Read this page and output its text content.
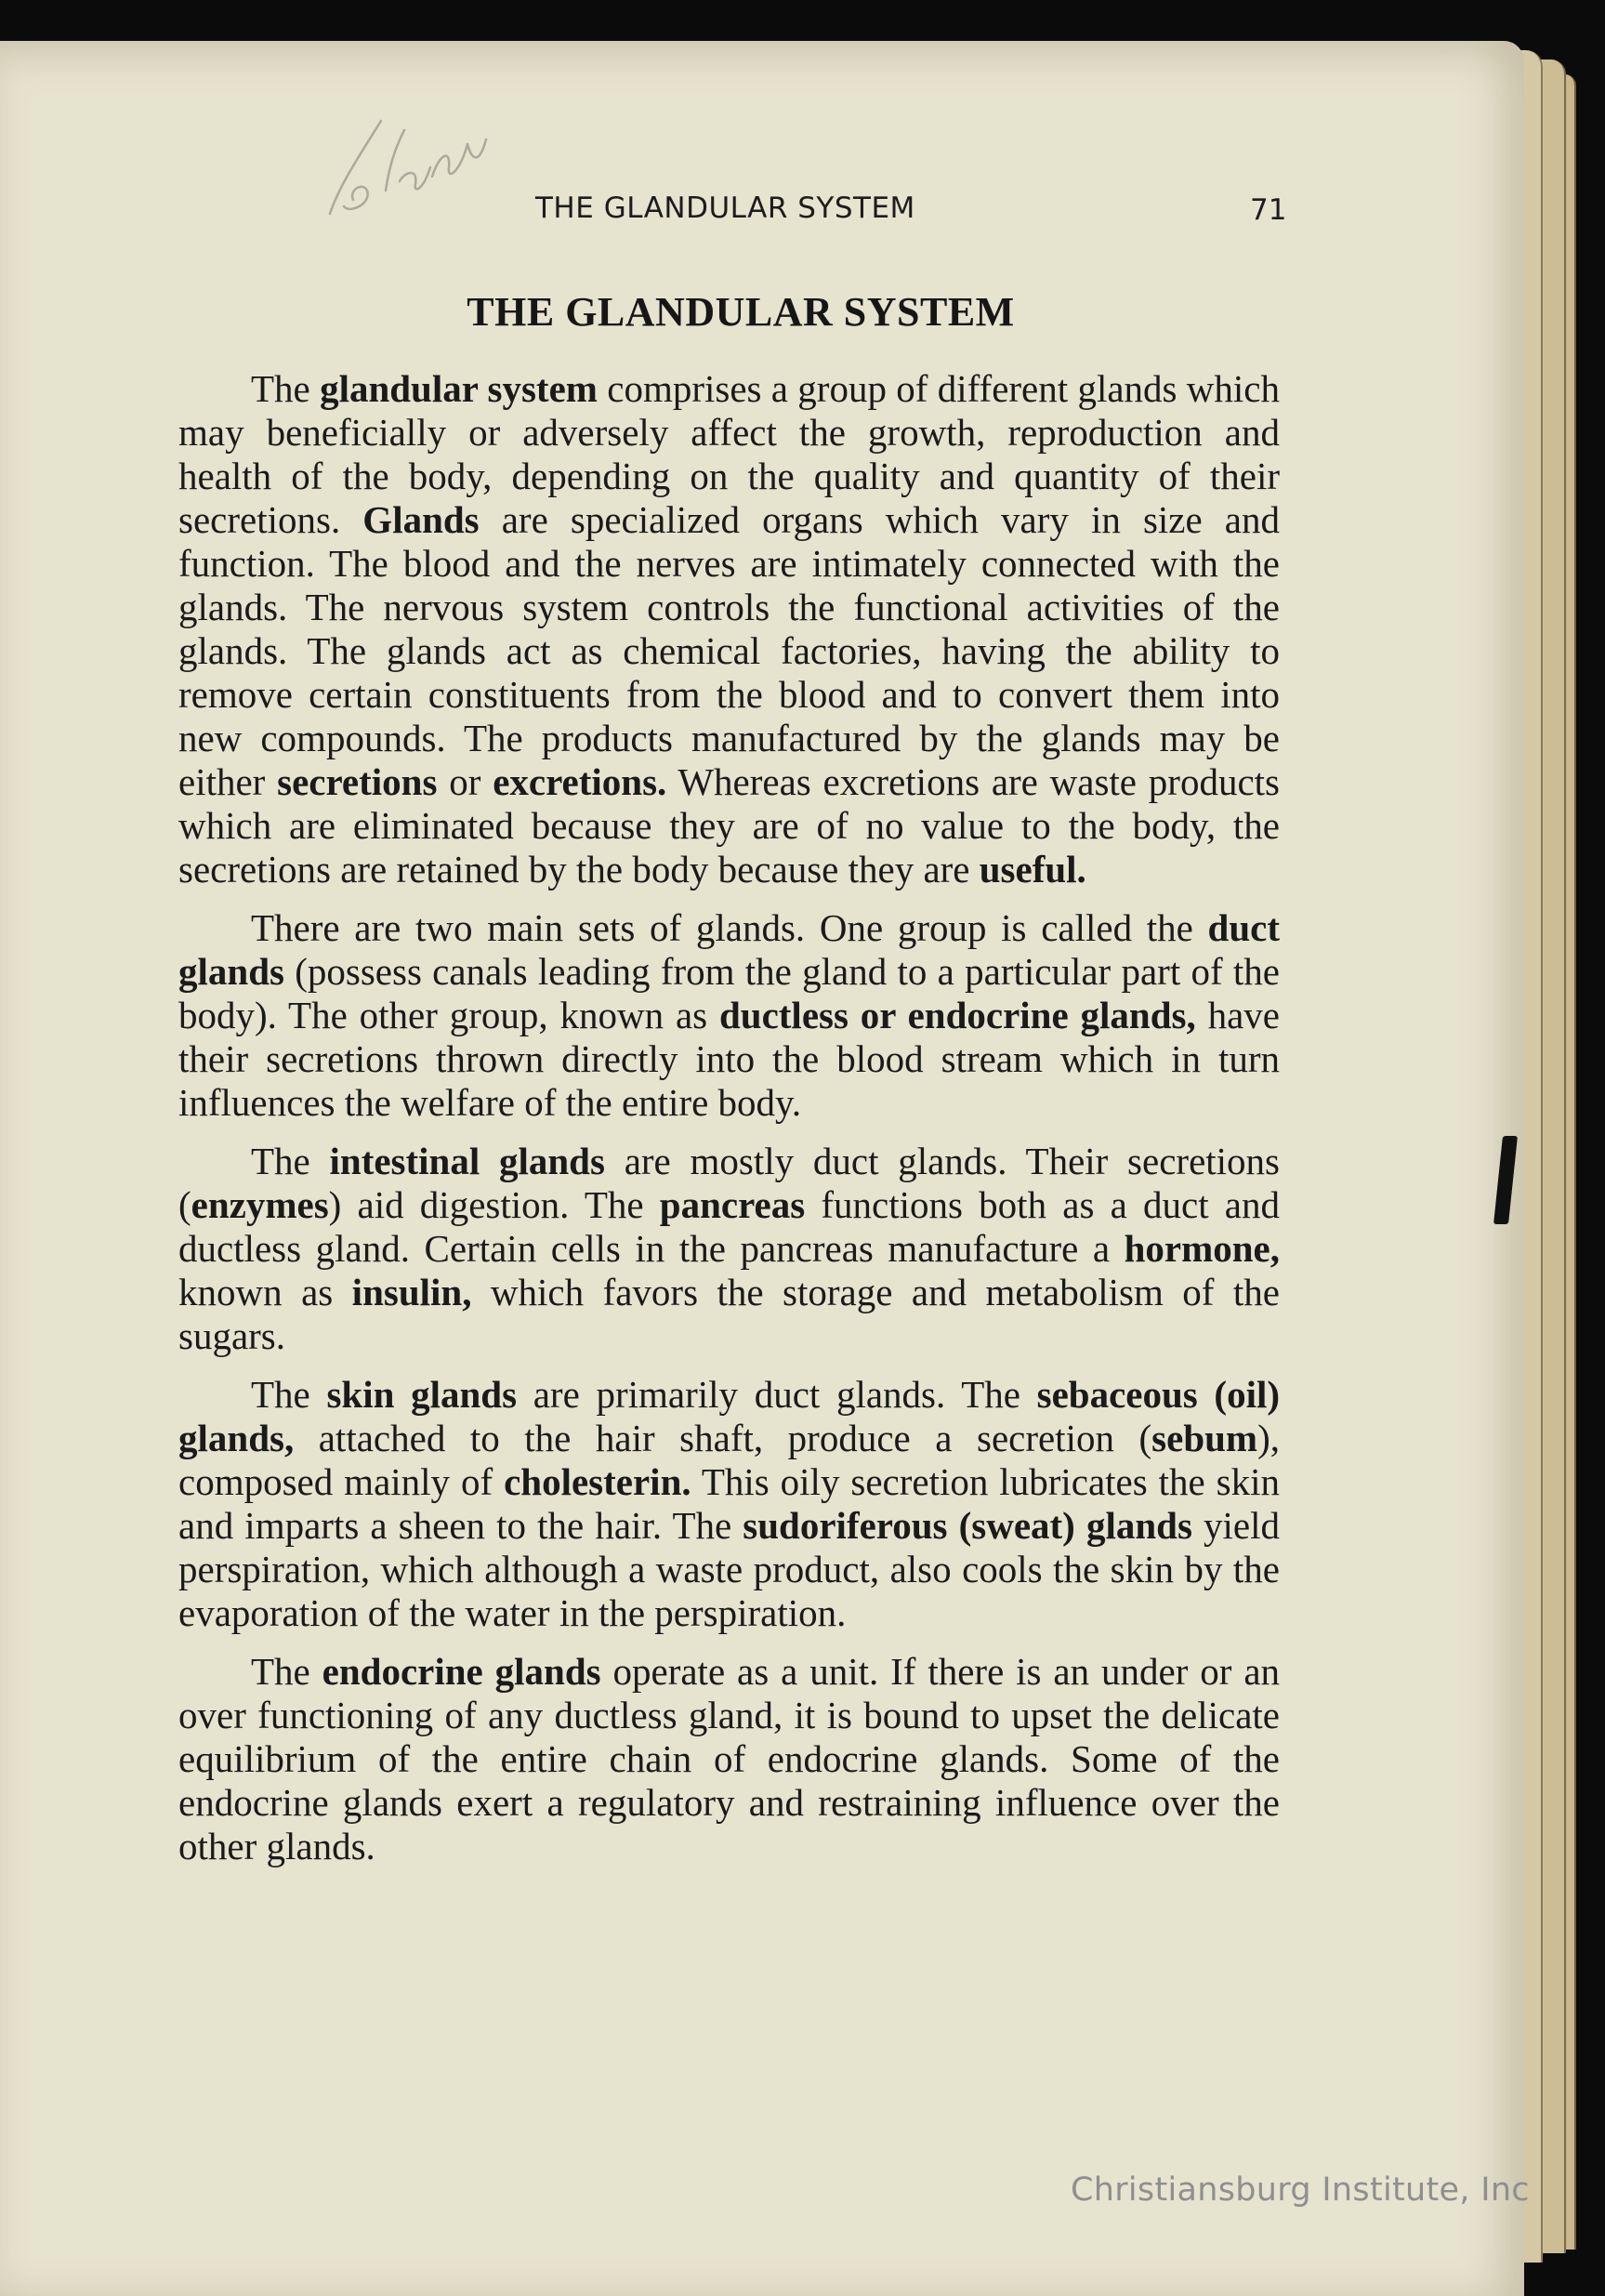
THE GLANDULAR SYSTEM	71
THE GLANDULAR SYSTEM

The glandular system comprises a group of different glands which may beneficially or adversely affect the growth, reproduction and health of the body, depending on the quality and quantity of their secretions. Glands are specialized organs which vary in size and function. The blood and the nerves are intimately connected with the glands. The nervous system controls the functional activities of the glands. The glands act as chemical factories, having the ability to remove certain constituents from the blood and to convert them into new compounds. The products manufactured by the glands may be either secretions or excretions. Whereas excretions are waste products which are eliminated because they are of no value to the body, the secretions are retained by the body because they are useful.

There are two main sets of glands. One group is called the duct glands (possess canals leading from the gland to a particular part of the body). The other group, known as ductless or endocrine glands, have their secretions thrown directly into the blood stream which in turn influences the welfare of the entire body.

The intestinal glands are mostly duct glands. Their secretions (enzymes) aid digestion. The pancreas functions both as a duct and ductless gland. Certain cells in the pancreas manufacture a hormone, known as insulin, which favors the storage and metabolism of the sugars.

The skin glands are primarily duct glands. The sebaceous (oil) glands, attached to the hair shaft, produce a secretion (sebum), composed mainly of cholesterin. This oily secretion lubricates the skin and imparts a sheen to the hair. The sudoriferous (sweat) glands yield perspiration, which although a waste product, also cools the skin by the evaporation of the water in the perspiration.

The endocrine glands operate as a unit. If there is an under or an over functioning of any ductless gland, it is bound to upset the delicate equilibrium of the entire chain of endocrine glands. Some of the endocrine glands exert a regulatory and restraining influence over the other glands.

Christiansburg Institute, Inc
